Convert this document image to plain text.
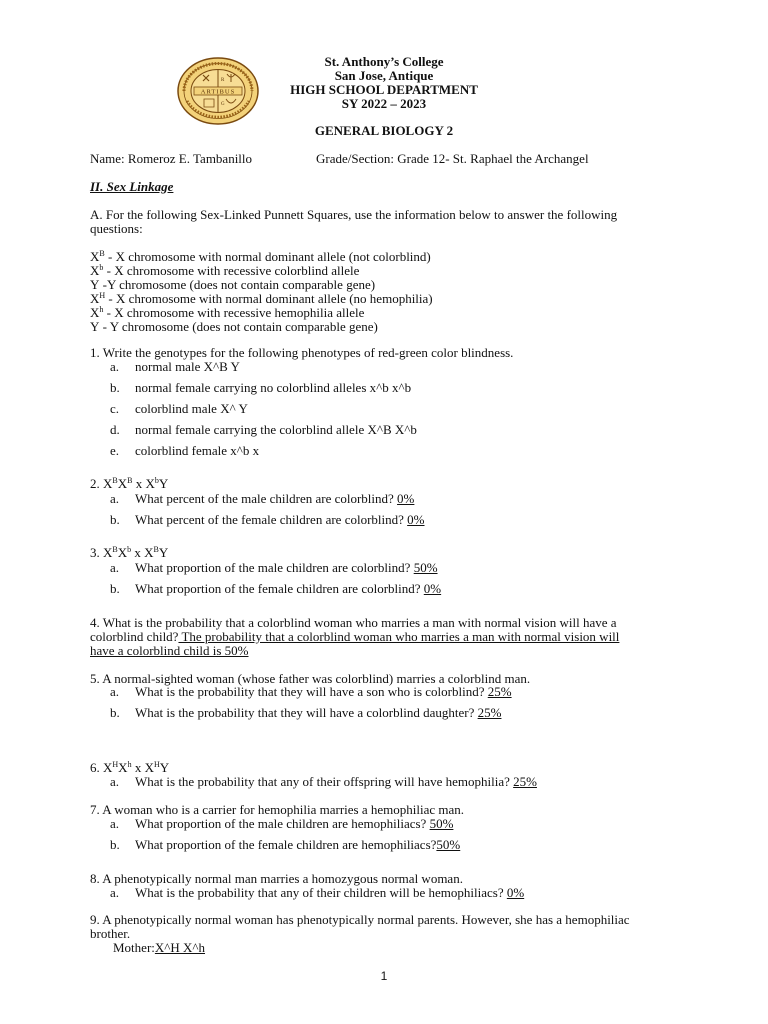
ARTIBUS
R
G
St. Anthony’s College
San Jose, Antique
HIGH SCHOOL DEPARTMENT
SY 2022 – 2023
GENERAL BIOLOGY 2
Name: Romeroz E. Tambanillo	Grade/Section: Grade 12- St. Raphael the Archangel
II. Sex Linkage
A. For the following Sex-Linked Punnett Squares, use the information below to answer the following
questions:
$X^B$ - X chromosome with normal dominant allele (not colorblind)
$X^b$ - X chromosome with recessive colorblind allele
Y -Y chromosome (does not contain comparable gene)
$X^H$ - X chromosome with normal dominant allele (no hemophilia)
$X^h$ - X chromosome with recessive hemophilia allele
Y - Y chromosome (does not contain comparable gene)
1. Write the genotypes for the following phenotypes of red-green color blindness.
a. normal male X^B Y
b. normal female carrying no colorblind alleles x^b x^b
c. colorblind male X^ Y
d. normal female carrying the colorblind allele X^B X^b
e. colorblind female x^b x
2. $X^BX^B$ x $X^bY$
a. What percent of the male children are colorblind? 0%
b. What percent of the female children are colorblind? 0%
3. $X^BX^b$ x $X^BY$
a. What proportion of the male children are colorblind? 50%
b. What proportion of the female children are colorblind? 0%
4. What is the probability that a colorblind woman who marries a man with normal vision will have a
colorblind child? The probability that a colorblind woman who marries a man with normal vision will
have a colorblind child is 50%
5. A normal-sighted woman (whose father was colorblind) marries a colorblind man.
a. What is the probability that they will have a son who is colorblind? 25%
b. What is the probability that they will have a colorblind daughter? 25%
6. $X^HX^h$ x $X^HY$
a. What is the probability that any of their offspring will have hemophilia? 25%
7. A woman who is a carrier for hemophilia marries a hemophiliac man.
a. What proportion of the male children are hemophiliacs? 50%
b. What proportion of the female children are hemophiliacs?50%
8. A phenotypically normal man marries a homozygous normal woman.
a. What is the probability that any of their children will be hemophiliacs? 0%
9. A phenotypically normal woman has phenotypically normal parents. However, she has a hemophiliac
brother.
Mother:X^H X^h
1
